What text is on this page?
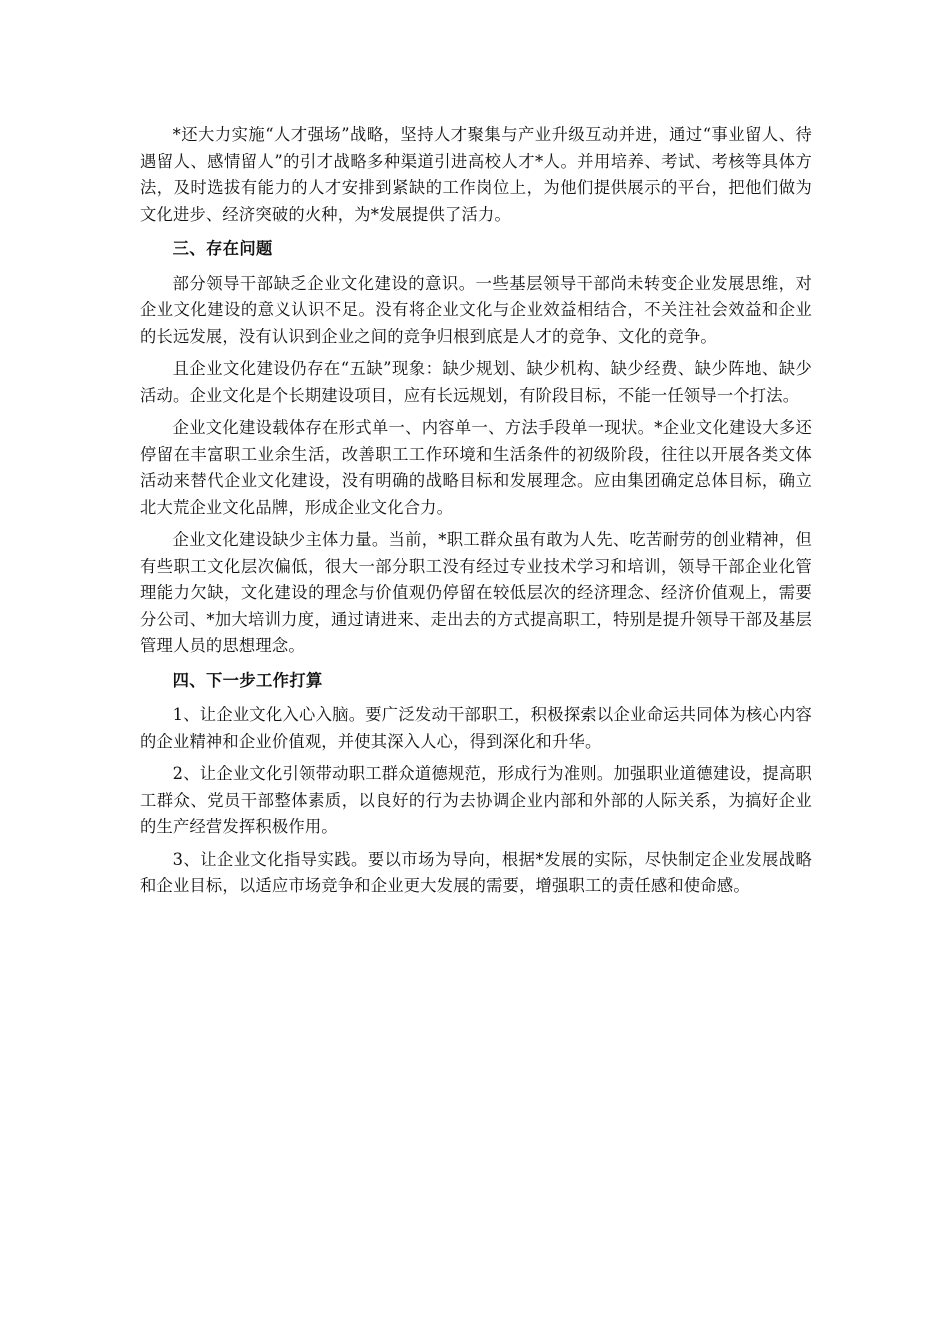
*还大力实施“人才强场”战略，坚持人才聚集与产业升级互动并进，通过“事业留人、待遇留人、感情留人”的引才战略多种渠道引进高校人才*人。并用培养、考试、考核等具体方法，及时选拔有能力的人才安排到紧缺的工作岗位上，为他们提供展示的平台，把他们做为文化进步、经济突破的火种，为*发展提供了活力。

三、存在问题

部分领导干部缺乏企业文化建设的意识。一些基层领导干部尚未转变企业发展思维，对企业文化建设的意义认识不足。没有将企业文化与企业效益相结合，不关注社会效益和企业的长远发展，没有认识到企业之间的竞争归根到底是人才的竞争、文化的竞争。

且企业文化建设仍存在“五缺”现象：缺少规划、缺少机构、缺少经费、缺少阵地、缺少活动。企业文化是个长期建设项目，应有长远规划，有阶段目标，不能一任领导一个打法。

企业文化建设载体存在形式单一、内容单一、方法手段单一现状。*企业文化建设大多还停留在丰富职工业余生活，改善职工工作环境和生活条件的初级阶段，往往以开展各类文体活动来替代企业文化建设，没有明确的战略目标和发展理念。应由集团确定总体目标，确立北大荒企业文化品牌，形成企业文化合力。

企业文化建设缺少主体力量。当前，*职工群众虽有敢为人先、吃苦耐劳的创业精神，但有些职工文化层次偏低，很大一部分职工没有经过专业技术学习和培训，领导干部企业化管理能力欠缺，文化建设的理念与价值观仍停留在较低层次的经济理念、经济价值观上，需要分公司、*加大培训力度，通过请进来、走出去的方式提高职工，特别是提升领导干部及基层管理人员的思想理念。

四、下一步工作打算

1、让企业文化入心入脑。要广泛发动干部职工，积极探索以企业命运共同体为核心内容的企业精神和企业价值观，并使其深入人心，得到深化和升华。

2、让企业文化引领带动职工群众道德规范，形成行为准则。加强职业道德建设，提高职工群众、党员干部整体素质，以良好的行为去协调企业内部和外部的人际关系，为搞好企业的生产经营发挥积极作用。

3、让企业文化指导实践。要以市场为导向，根据*发展的实际，尽快制定企业发展战略和企业目标，以适应市场竞争和企业更大发展的需要，增强职工的责任感和使命感。
